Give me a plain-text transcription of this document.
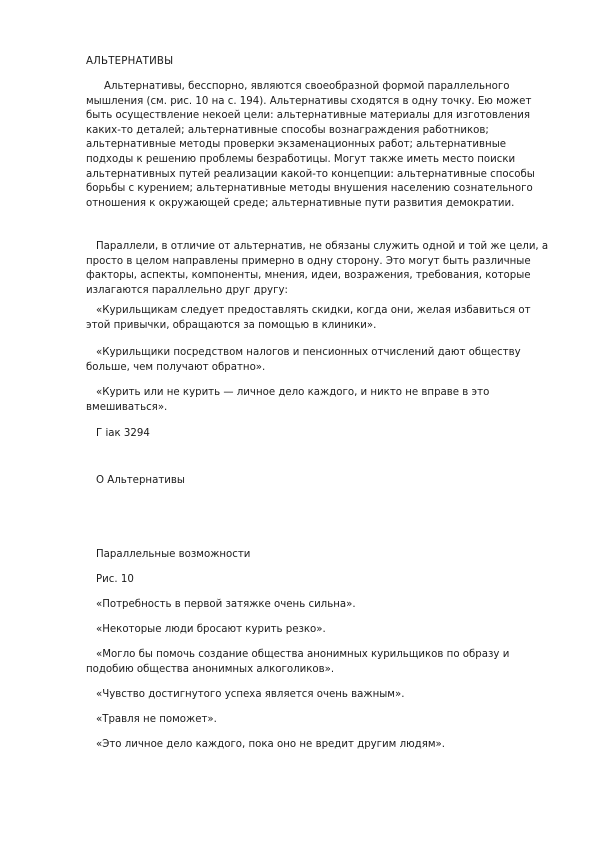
АЛЬТЕРНАТИВЫ

Альтернативы, бесспорно, являются своеобразной формой параллельного мышления (см. рис. 10 на с. 194). Альтернативы сходятся в одну точку. Ею может быть осуществление некоей цели: альтернативные материалы для изготовления каких-то деталей; альтернативные способы вознаграждения работников; альтернативные методы проверки экзаменационных работ; альтернативные подходы к решению проблемы безработицы. Могут также иметь место поиски альтернативных путей реализации какой-то концепции: альтернативные способы борьбы с курением; альтернативные методы внушения населению сознательного отношения к окружающей среде; альтернативные пути развития демократии.

Параллели, в отличие от альтернатив, не обязаны служить одной и той же цели, а просто в целом направлены примерно в одну сторону. Это могут быть различные факторы, аспекты, компоненты, мнения, идеи, возражения, требования, которые излагаются параллельно друг другу:

«Курильщикам следует предоставлять скидки, когда они, желая избавиться от этой привычки, обращаются за помощью в клиники».

«Курильщики посредством налогов и пенсионных отчислений дают обществу больше, чем получают обратно».

«Курить или не курить — личное дело каждого, и никто не вправе в это вмешиваться».

Г iак 3294

О Альтернативы

Параллельные возможности

Рис. 10

«Потребность в первой затяжке очень сильна».

«Некоторые люди бросают курить резко».

«Могло бы помочь создание общества анонимных курильщиков по образу и подобию общества анонимных алкоголиков».

«Чувство достигнутого успеха является очень важным».

«Травля не поможет».

«Это личное дело каждого, пока оно не вредит другим людям».
